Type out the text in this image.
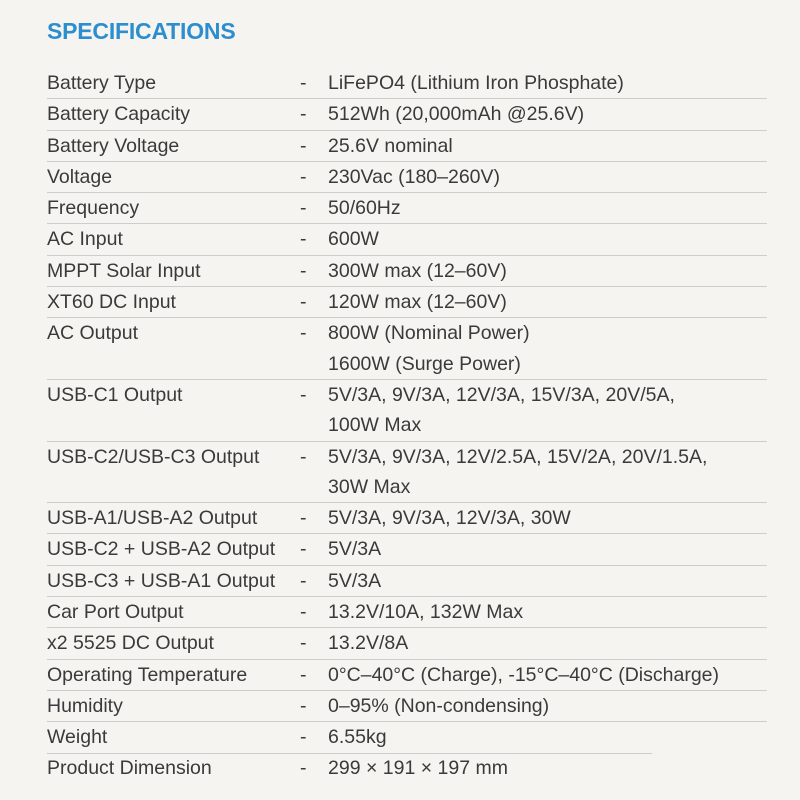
SPECIFICATIONS
Battery Type	- LiFePO4 (Lithium Iron Phosphate)
Battery Capacity	- 512Wh (20,000mAh @25.6V)
Battery Voltage	- 25.6V nominal
Voltage	- 230Vac (180–260V)
Frequency	- 50/60Hz
AC Input	- 600W
MPPT Solar Input	- 300W max (12–60V)
XT60 DC Input	- 120W max (12–60V)
AC Output	- 800W (Nominal Power)
1600W (Surge Power)
USB-C1 Output	- 5V/3A, 9V/3A, 12V/3A, 15V/3A, 20V/5A,
100W Max
USB-C2/USB-C3 Output - 5V/3A, 9V/3A, 12V/2.5A, 15V/2A, 20V/1.5A,
30W Max
USB-A1/USB-A2 Output - 5V/3A, 9V/3A, 12V/3A, 30W
USB-C2 + USB-A2 Output - 5V/3A
USB-C3 + USB-A1 Output - 5V/3A
Car Port Output	- 13.2V/10A, 132W Max
x2 5525 DC Output	- 13.2V/8A
Operating Temperature	- 0°C–40°C (Charge), -15°C–40°C (Discharge)
Humidity	- 0–95% (Non-condensing)
Weight	- 6.55kg
Product Dimension	- 299 × 191 × 197 mm
